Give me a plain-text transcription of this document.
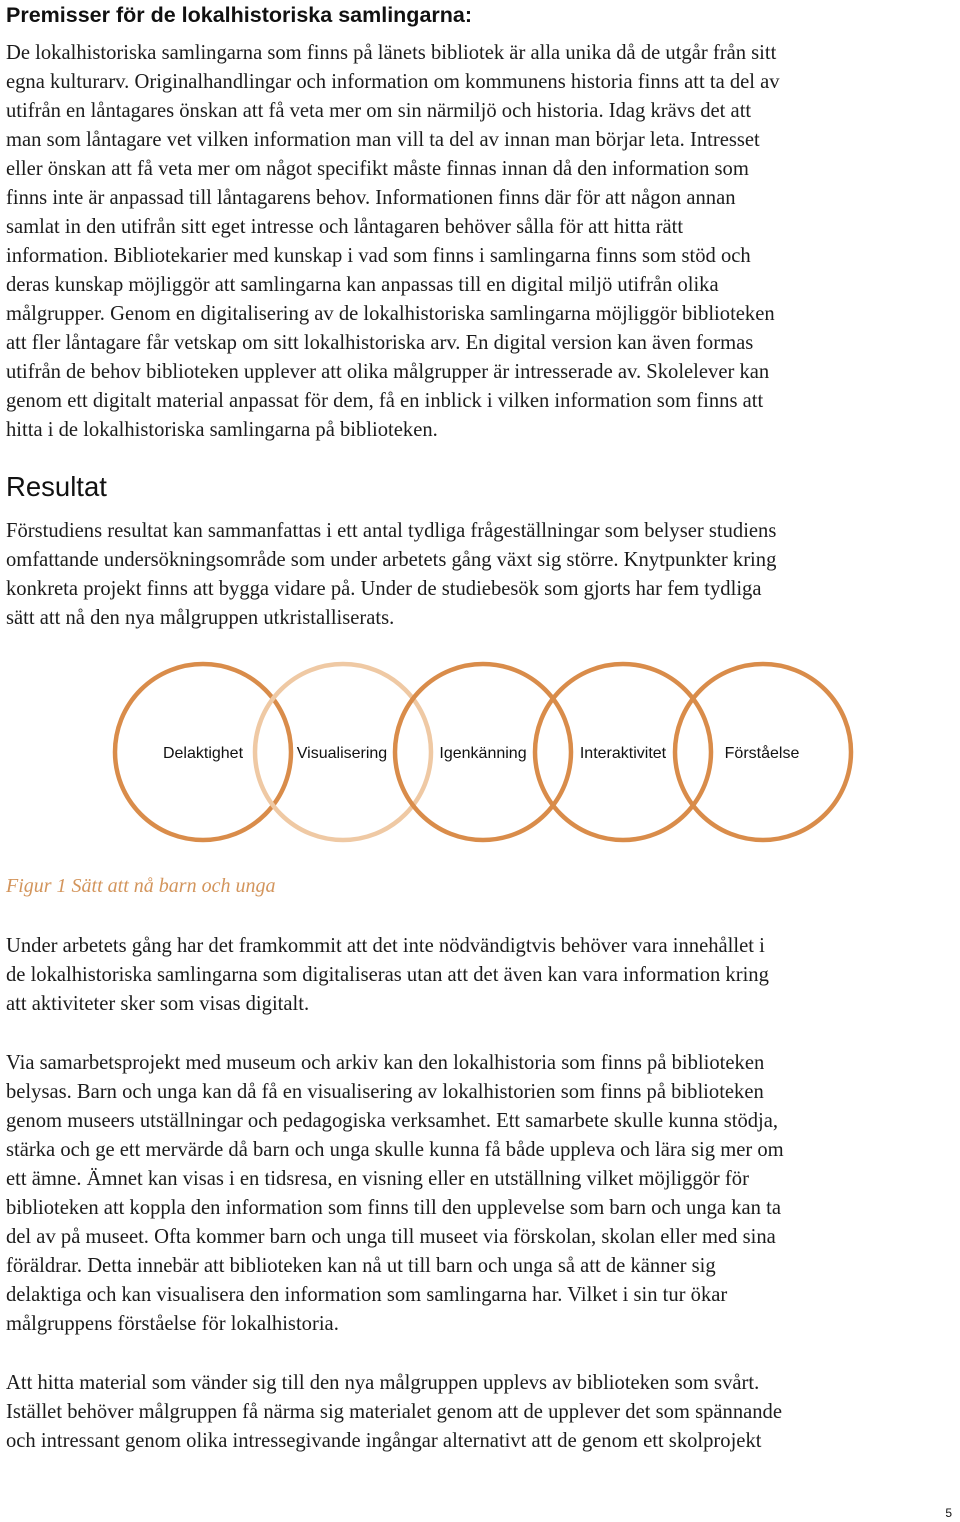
Premisser för de lokalhistoriska samlingarna:

De lokalhistoriska samlingarna som finns på länets bibliotek är alla unika då de utgår från sitt
egna kulturarv. Originalhandlingar och information om kommunens historia finns att ta del av
utifrån en låntagares önskan att få veta mer om sin närmiljö och historia. Idag krävs det att
man som låntagare vet vilken information man vill ta del av innan man börjar leta. Intresset
eller önskan att få veta mer om något specifikt måste finnas innan då den information som
finns inte är anpassad till låntagarens behov. Informationen finns där för att någon annan
samlat in den utifrån sitt eget intresse och låntagaren behöver sålla för att hitta rätt
information. Bibliotekarier med kunskap i vad som finns i samlingarna finns som stöd och
deras kunskap möjliggör att samlingarna kan anpassas till en digital miljö utifrån olika
målgrupper. Genom en digitalisering av de lokalhistoriska samlingarna möjliggör biblioteken
att fler låntagare får vetskap om sitt lokalhistoriska arv. En digital version kan även formas
utifrån de behov biblioteken upplever att olika målgrupper är intresserade av. Skolelever kan
genom ett digitalt material anpassat för dem, få en inblick i vilken information som finns att
hitta i de lokalhistoriska samlingarna på biblioteken.

Resultat

Förstudiens resultat kan sammanfattas i ett antal tydliga frågeställningar som belyser studiens
omfattande undersökningsområde som under arbetets gång växt sig större. Knytpunkter kring
konkreta projekt finns att bygga vidare på. Under de studiebesök som gjorts har fem tydliga
sätt att nå den nya målgruppen utkristalliserats.

Delaktighet	Visualisering	Igenkänning	Interaktivitet	Förståelse

Figur 1 Sätt att nå barn och unga

Under arbetets gång har det framkommit att det inte nödvändigtvis behöver vara innehållet i
de lokalhistoriska samlingarna som digitaliseras utan att det även kan vara information kring
att aktiviteter sker som visas digitalt.

Via samarbetsprojekt med museum och arkiv kan den lokalhistoria som finns på biblioteken
belysas. Barn och unga kan då få en visualisering av lokalhistorien som finns på biblioteken
genom museers utställningar och pedagogiska verksamhet. Ett samarbete skulle kunna stödja,
stärka och ge ett mervärde då barn och unga skulle kunna få både uppleva och lära sig mer om
ett ämne. Ämnet kan visas i en tidsresa, en visning eller en utställning vilket möjliggör för
biblioteken att koppla den information som finns till den upplevelse som barn och unga kan ta
del av på museet. Ofta kommer barn och unga till museet via förskolan, skolan eller med sina
föräldrar. Detta innebär att biblioteken kan nå ut till barn och unga så att de känner sig
delaktiga och kan visualisera den information som samlingarna har. Vilket i sin tur ökar
målgruppens förståelse för lokalhistoria.

Att hitta material som vänder sig till den nya målgruppen upplevs av biblioteken som svårt.
Istället behöver målgruppen få närma sig materialet genom att de upplever det som spännande
och intressant genom olika intressegivande ingångar alternativt att de genom ett skolprojekt

5
